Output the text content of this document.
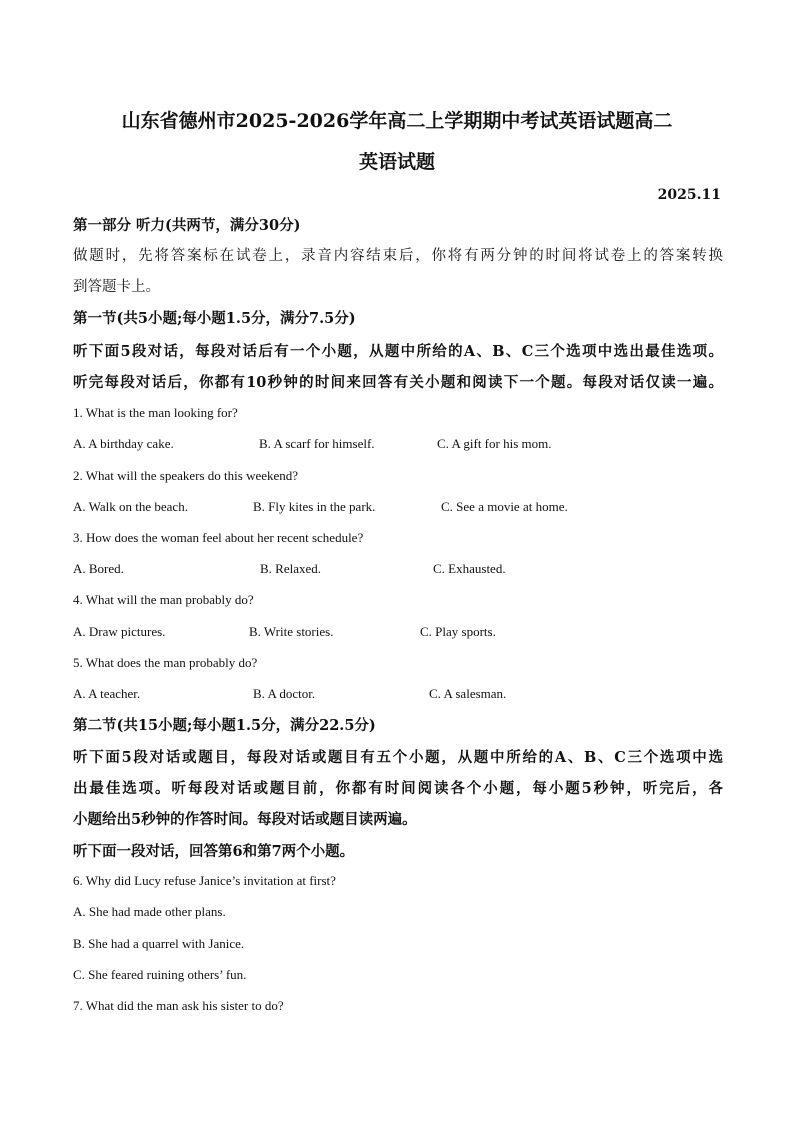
山东省德州市2025-2026学年高二上学期期中考试英语试题高二
英语试题
2025.11
第一部分 听力(共两节，满分30分)
做题时，先将答案标在试卷上，录音内容结束后，你将有两分钟的时间将试卷上的答案转换
到答题卡上。
第一节(共5小题;每小题1.5分，满分7.5分)
听下面5段对话，每段对话后有一个小题，从题中所给的A、B、C三个选项中选出最佳选项。
听完每段对话后，你都有10秒钟的时间来回答有关小题和阅读下一个题。每段对话仅读一遍。
1. What is the man looking for?
A. A birthday cake.	B. A scarf for himself.	C. A gift for his mom.
2. What will the speakers do this weekend?
A. Walk on the beach.	B. Fly kites in the park.	C. See a movie at home.
3. How does the woman feel about her recent schedule?
A. Bored.	B. Relaxed.	C. Exhausted.
4. What will the man probably do?
A. Draw pictures.	B. Write stories.	C. Play sports.
5. What does the man probably do?
A. A teacher.	B. A doctor.	C. A salesman.
第二节(共15小题;每小题1.5分，满分22.5分)
听下面5段对话或题目，每段对话或题目有五个小题，从题中所给的A、B、C三个选项中选
出最佳选项。听每段对话或题目前，你都有时间阅读各个小题，每小题5秒钟，听完后，各
小题给出5秒钟的作答时间。每段对话或题目读两遍。
听下面一段对话，回答第6和第7两个小题。
6. Why did Lucy refuse Janice’s invitation at first?
A. She had made other plans.
B. She had a quarrel with Janice.
C. She feared ruining others’ fun.
7. What did the man ask his sister to do?
